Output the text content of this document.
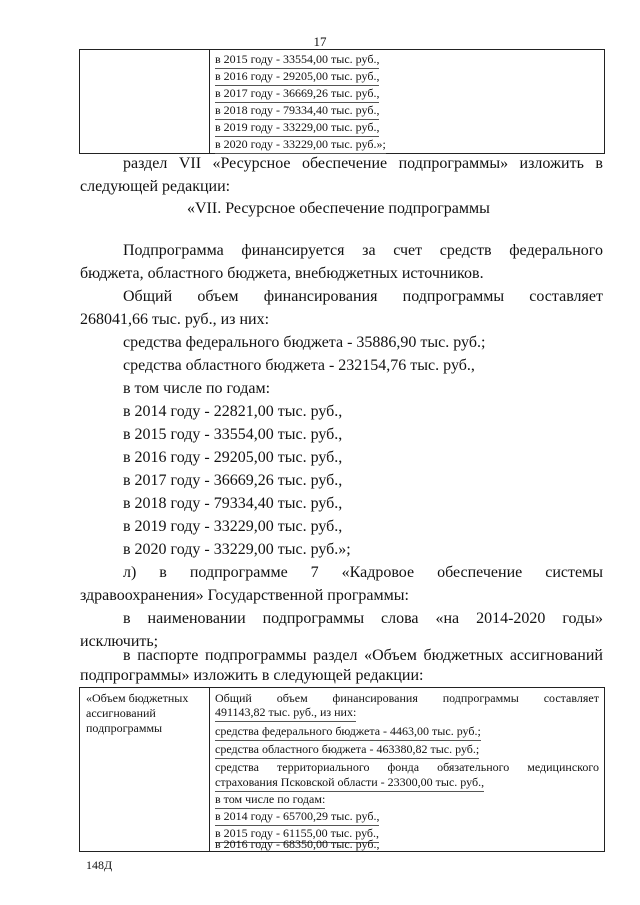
17
в 2015 году - 33554,00 тыс. руб.,
в 2016 году - 29205,00 тыс. руб.,
в 2017 году - 36669,26 тыс. руб.,
в 2018 году - 79334,40 тыс. руб.,
в 2019 году - 33229,00 тыс. руб.,
в 2020 году - 33229,00 тыс. руб.»;
раздел VII «Ресурсное обеспечение подпрограммы» изложить в
следующей редакции:
«VII. Ресурсное обеспечение подпрограммы
Подпрограмма финансируется за счет средств федерального
бюджета, областного бюджета, внебюджетных источников.
Общий объем финансирования подпрограммы составляет
268041,66 тыс. руб., из них:
средства федерального бюджета - 35886,90 тыс. руб.;
средства областного бюджета - 232154,76 тыс. руб.,
в том числе по годам:
в 2014 году - 22821,00 тыс. руб.,
в 2015 году - 33554,00 тыс. руб.,
в 2016 году - 29205,00 тыс. руб.,
в 2017 году - 36669,26 тыс. руб.,
в 2018 году - 79334,40 тыс. руб.,
в 2019 году - 33229,00 тыс. руб.,
в 2020 году - 33229,00 тыс. руб.»;
л) в подпрограмме 7 «Кадровое обеспечение системы
здравоохранения» Государственной программы:
в наименовании подпрограммы слова «на 2014-2020 годы»
исключить;
в паспорте подпрограммы раздел «Объем бюджетных ассигнований
подпрограммы» изложить в следующей редакции:
«Объем бюджетных
ассигнований
подпрограммы
Общий объем финансирования подпрограммы составляет
491143,82 тыс. руб., из них:
средства федерального бюджета - 4463,00 тыс. руб.;
средства областного бюджета - 463380,82 тыс. руб.;
средства территориального фонда обязательного медицинского
страхования Псковской области - 23300,00 тыс. руб.,
в том числе по годам:
в 2014 году - 65700,29 тыс. руб.,
в 2015 году - 61155,00 тыс. руб.,
в 2016 году - 68350,00 тыс. руб.,
148Д
